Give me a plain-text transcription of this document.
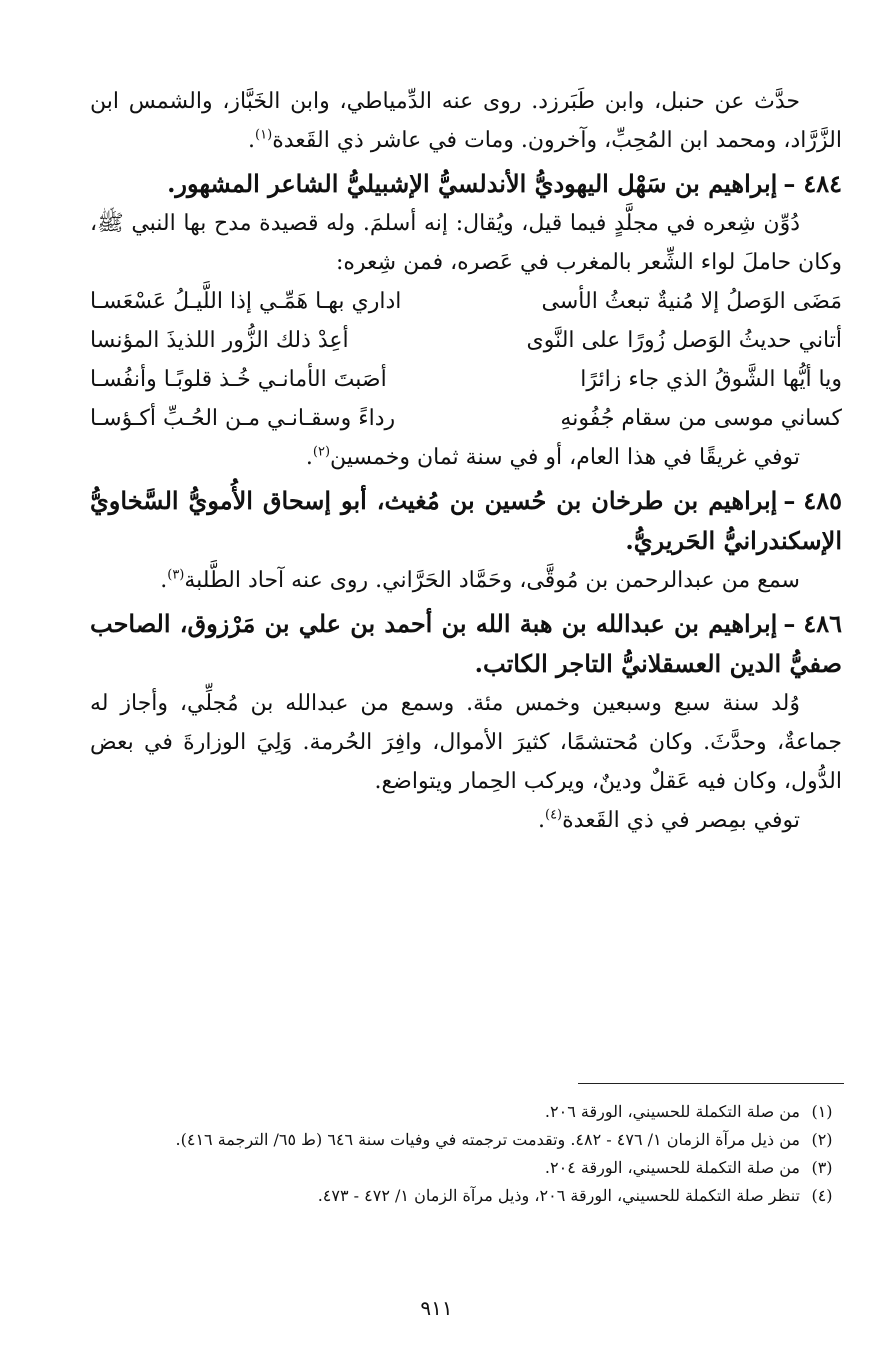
حدَّث عن حنبل، وابن طَبَرزد. روى عنه الدِّمياطي، وابن الخَبَّاز، والشمس ابن الزَّرَّاد، ومحمد ابن المُحِبِّ، وآخرون. ومات في عاشر ذي القَعدة$^{(١)}$.

٤٨٤–إبراهيم بن سَهْل اليهوديُّ الأندلسيُّ الإشبيليُّ الشاعر المشهور.

دُوِّن شِعره في مجلَّدٍ فيما قيل، ويُقال: إنه أسلمَ. وله قصيدة مدح بها النبي ﷺ، وكان حاملَ لواء الشِّعر بالمغرب في عَصره، فمن شِعره:

مَضَى الوَصلُ إلا مُنيةٌ تبعثُ الأسى
اداري بهـا هَمِّـي إذا اللَّيـلُ عَسْعَسـا
أتاني حديثُ الوَصل زُورًا على النَّوى
أعِدْ ذلك الزُّور اللذيذَ المؤنسا
ويا أيُّها الشَّوقُ الذي جاء زائرًا
أصَبتَ الأمانـي خُـذ قلوبًـا وأنفُسـا
كساني موسى من سقام جُفُونهِ
رداءً وسقـانـي مـن الحُـبِّ أكـؤسـا

توفي غريقًا في هذا العام، أو في سنة ثمان وخمسين$^{(٢)}$.

٤٨٥–إبراهيم بن طرخان بن حُسين بن مُغيث، أبو إسحاق الأُمويُّ السَّخاويُّ الإسكندرانيُّ الحَريريُّ.

سمع من عبدالرحمن بن مُوقَّى، وحَمَّاد الحَرَّاني. روى عنه آحاد الطَّلبة$^{(٣)}$.

٤٨٦–إبراهيم بن عبدالله بن هبة الله بن أحمد بن علي بن مَرْزوق، الصاحب صفيُّ الدين العسقلانيُّ التاجر الكاتب.

وُلد سنة سبع وسبعين وخمس مئة. وسمع من عبدالله بن مُجلِّي، وأجاز له جماعةٌ، وحدَّثَ. وكان مُحتشمًا، كثيرَ الأموال، وافِرَ الحُرمة. وَلِيَ الوزارةَ في بعض الدُّول، وكان فيه عَقلٌ ودينٌ، ويركب الحِمار ويتواضع.

توفي بمِصر في ذي القَعدة$^{(٤)}$.

(١)
من صلة التكملة للحسيني، الورقة ٢٠٦.
(٢)
من ذيل مرآة الزمان ١/ ٤٧٦ - ٤٨٢. وتقدمت ترجمته في وفيات سنة ٦٤٦ (ط ٦٥/ الترجمة ٤١٦).
(٣)
من صلة التكملة للحسيني، الورقة ٢٠٤.
(٤)
تنظر صلة التكملة للحسيني، الورقة ٢٠٦، وذيل مرآة الزمان ١/ ٤٧٢ - ٤٧٣.
٩١١
